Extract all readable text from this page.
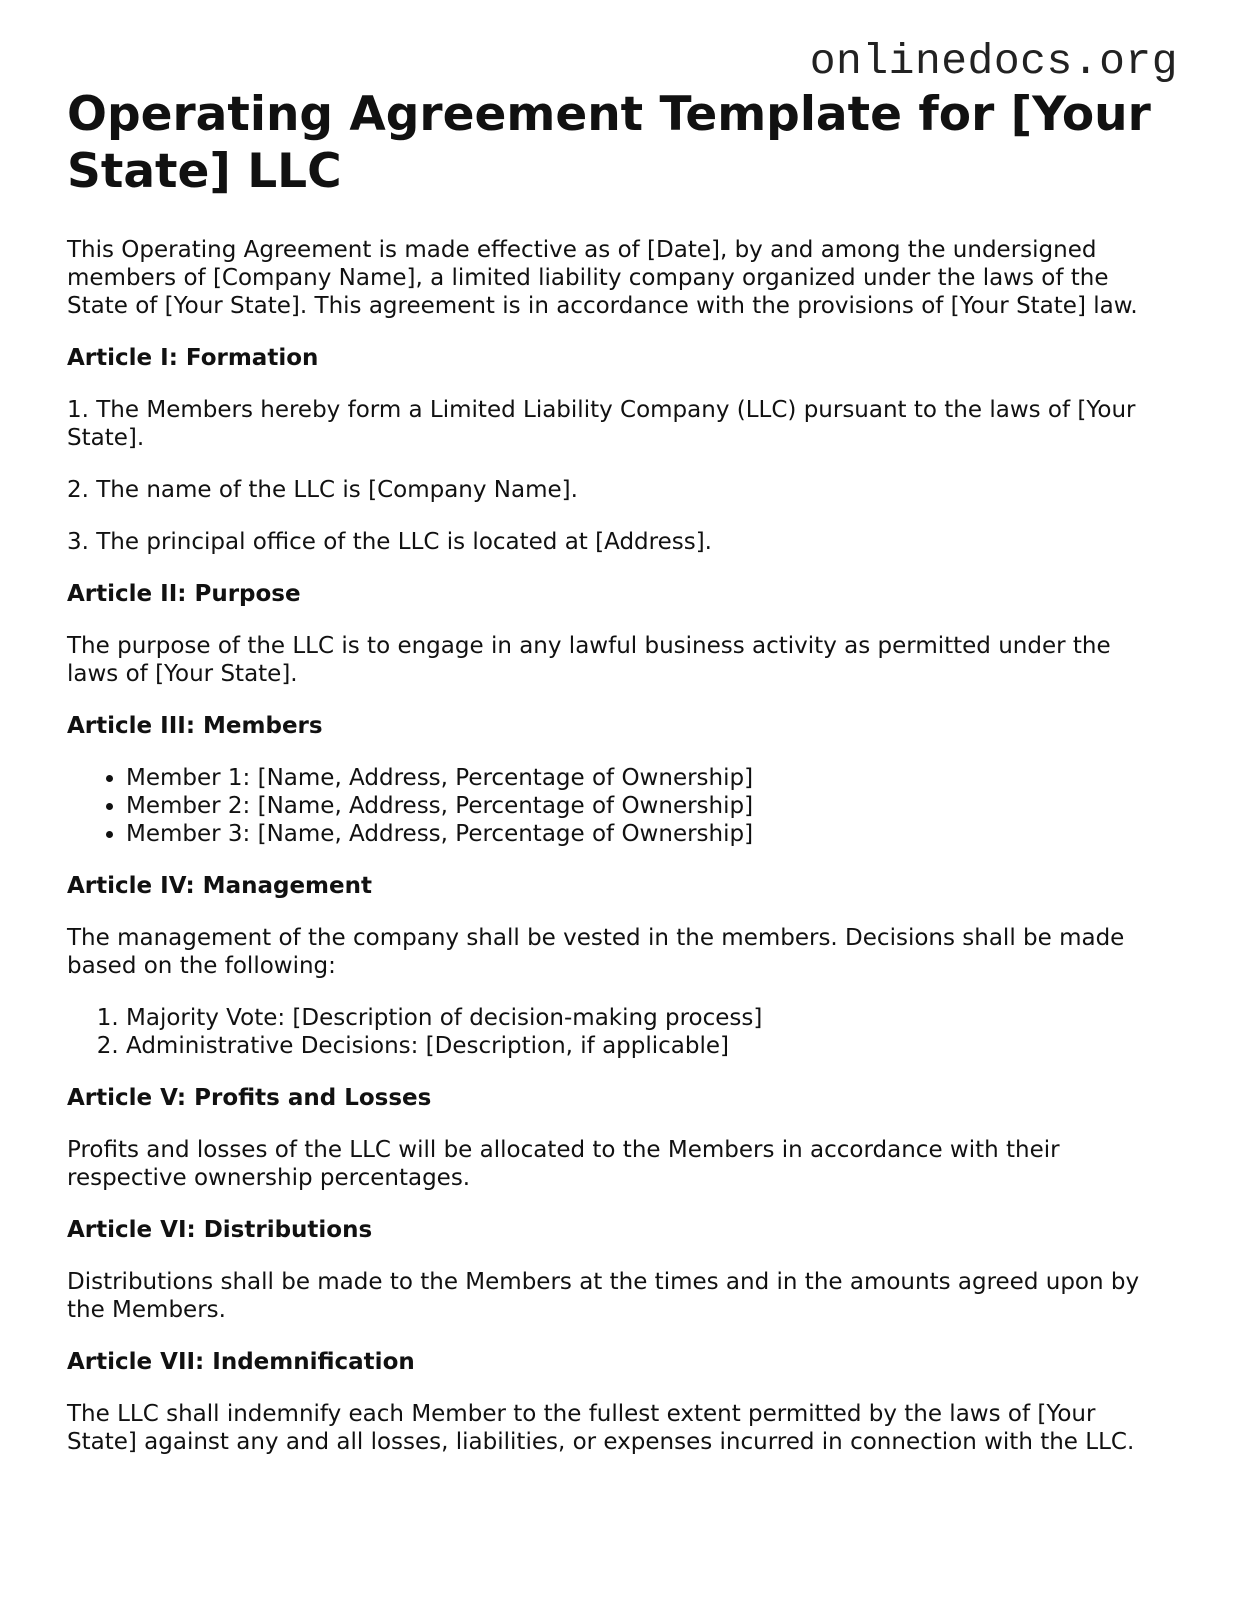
onlinedocs.org
Operating Agreement Template for [Your State] LLC

This Operating Agreement is made effective as of [Date], by and among the undersigned members of [Company Name], a limited liability company organized under the laws of the State of [Your State]. This agreement is in accordance with the provisions of [Your State] law.

Article I: Formation

1. The Members hereby form a Limited Liability Company (LLC) pursuant to the laws of [Your State].

2. The name of the LLC is [Company Name].

3. The principal office of the LLC is located at [Address].

Article II: Purpose

The purpose of the LLC is to engage in any lawful business activity as permitted under the laws of [Your State].

Article III: Members
• Member 1: [Name, Address, Percentage of Ownership]
• Member 2: [Name, Address, Percentage of Ownership]
• Member 3: [Name, Address, Percentage of Ownership]
Article IV: Management

The management of the company shall be vested in the members. Decisions shall be made based on the following:

1. Majority Vote: [Description of decision-making process]
2. Administrative Decisions: [Description, if applicable]
Article V: Profits and Losses

Profits and losses of the LLC will be allocated to the Members in accordance with their respective ownership percentages.

Article VI: Distributions

Distributions shall be made to the Members at the times and in the amounts agreed upon by the Members.

Article VII: Indemnification

The LLC shall indemnify each Member to the fullest extent permitted by the laws of [Your State] against any and all losses, liabilities, or expenses incurred in connection with the LLC.
